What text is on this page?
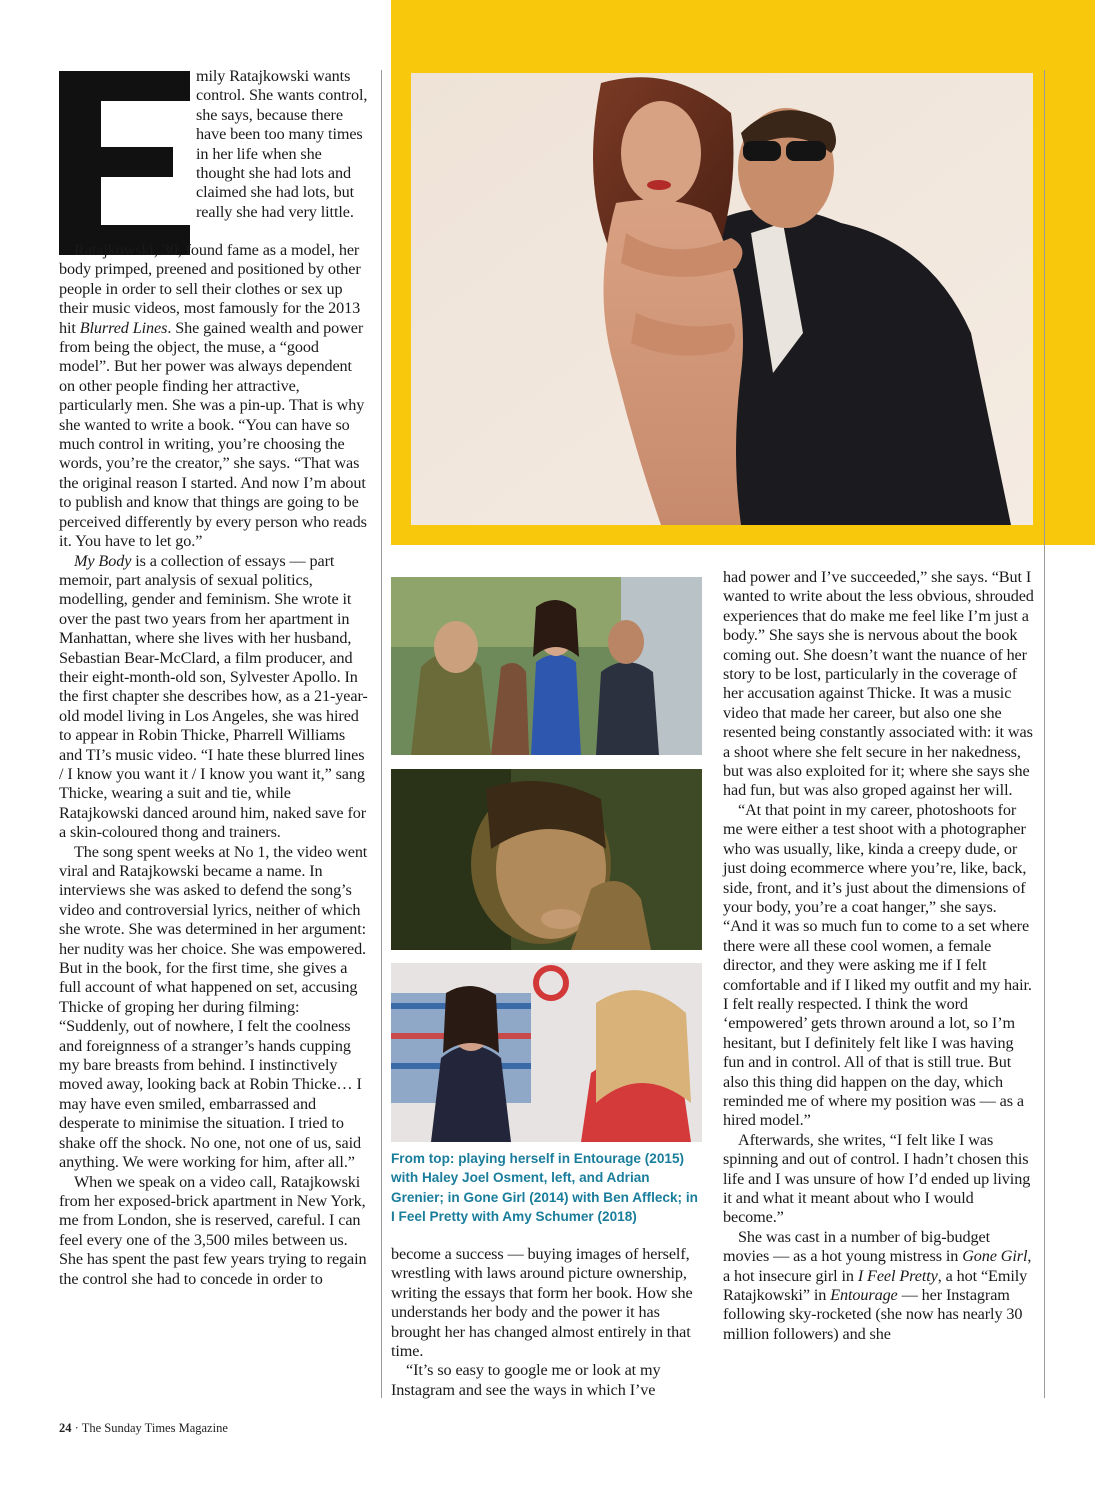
mily Ratajkowski wants control. She wants control, she says, because there have been too many times in her life when she thought she had lots and claimed she had lots, but really she had very little.

Ratajkowski, 30, found fame as a model, her body primped, preened and positioned by other people in order to sell their clothes or sex up their music videos, most famously for the 2013 hit Blurred Lines. She gained wealth and power from being the object, the muse, a “good model”. But her power was always dependent on other people finding her attractive, particularly men. She was a pin-up. That is why she wanted to write a book. “You can have so much control in writing, you’re choosing the words, you’re the creator,” she says. “That was the original reason I started. And now I’m about to publish and know that things are going to be perceived differently by every person who reads it. You have to let go.”

My Body is a collection of essays — part memoir, part analysis of sexual politics, modelling, gender and feminism. She wrote it over the past two years from her apartment in Manhattan, where she lives with her husband, Sebastian Bear-McClard, a film producer, and their eight-month-old son, Sylvester Apollo. In the first chapter she describes how, as a 21-year-old model living in Los Angeles, she was hired to appear in Robin Thicke, Pharrell Williams and TI’s music video. “I hate these blurred lines / I know you want it / I know you want it,” sang Thicke, wearing a suit and tie, while Ratajkowski danced around him, naked save for a skin-coloured thong and trainers.

The song spent weeks at No 1, the video went viral and Ratajkowski became a name. In interviews she was asked to defend the song’s video and controversial lyrics, neither of which she wrote. She was determined in her argument: her nudity was her choice. She was empowered. But in the book, for the first time, she gives a full account of what happened on set, accusing Thicke of groping her during filming: “Suddenly, out of nowhere, I felt the coolness and foreignness of a stranger’s hands cupping my bare breasts from behind. I instinctively moved away, looking back at Robin Thicke… I may have even smiled, embarrassed and desperate to minimise the situation. I tried to shake off the shock. No one, not one of us, said anything. We were working for him, after all.”

When we speak on a video call, Ratajkowski from her exposed-brick apartment in New York, me from London, she is reserved, careful. I can feel every one of the 3,500 miles between us. She has spent the past few years trying to regain the control she had to concede in order to

From top: playing herself in Entourage (2015) with Haley Joel Osment, left, and Adrian Grenier; in Gone Girl (2014) with Ben Affleck; in I Feel Pretty with Amy Schumer (2018)

become a success — buying images of herself, wrestling with laws around picture ownership, writing the essays that form her book. How she understands her body and the power it has brought her has changed almost entirely in that time.

“It’s so easy to google me or look at my Instagram and see the ways in which I’ve

had power and I’ve succeeded,” she says. “But I wanted to write about the less obvious, shrouded experiences that do make me feel like I’m just a body.” She says she is nervous about the book coming out. She doesn’t want the nuance of her story to be lost, particularly in the coverage of her accusation against Thicke. It was a music video that made her career, but also one she resented being constantly associated with: it was a shoot where she felt secure in her nakedness, but was also exploited for it; where she says she had fun, but was also groped against her will.

“At that point in my career, photoshoots for me were either a test shoot with a photographer who was usually, like, kinda a creepy dude, or just doing ecommerce where you’re, like, back, side, front, and it’s just about the dimensions of your body, you’re a coat hanger,” she says. “And it was so much fun to come to a set where there were all these cool women, a female director, and they were asking me if I felt comfortable and if I liked my outfit and my hair. I felt really respected. I think the word ‘empowered’ gets thrown around a lot, so I’m hesitant, but I definitely felt like I was having fun and in control. All of that is still true. But also this thing did happen on the day, which reminded me of where my position was — as a hired model.”

Afterwards, she writes, “I felt like I was spinning and out of control. I hadn’t chosen this life and I was unsure of how I’d ended up living it and what it meant about who I would become.”

She was cast in a number of big-budget movies — as a hot young mistress in Gone Girl, a hot insecure girl in I Feel Pretty, a hot “Emily Ratajkowski” in Entourage — her Instagram following sky-rocketed (she now has nearly 30 million followers) and she

24 · The Sunday Times Magazine
